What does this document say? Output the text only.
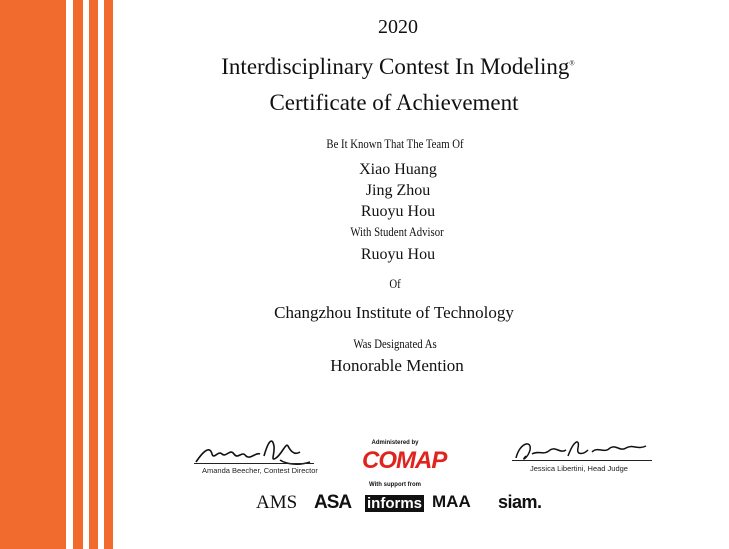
2020
Interdisciplinary Contest In Modeling®
Certificate of Achievement
Be It Known That The Team Of
Xiao Huang
Jing Zhou
Ruoyu Hou
With Student Advisor
Ruoyu Hou
Of
Changzhou Institute of Technology
Was Designated As
Honorable Mention
Amanda Beecher, Contest Director	Jessica Libertini, Head Judge
Administered by
COMAP
With support from
AMS ASA informs MAA siam.
